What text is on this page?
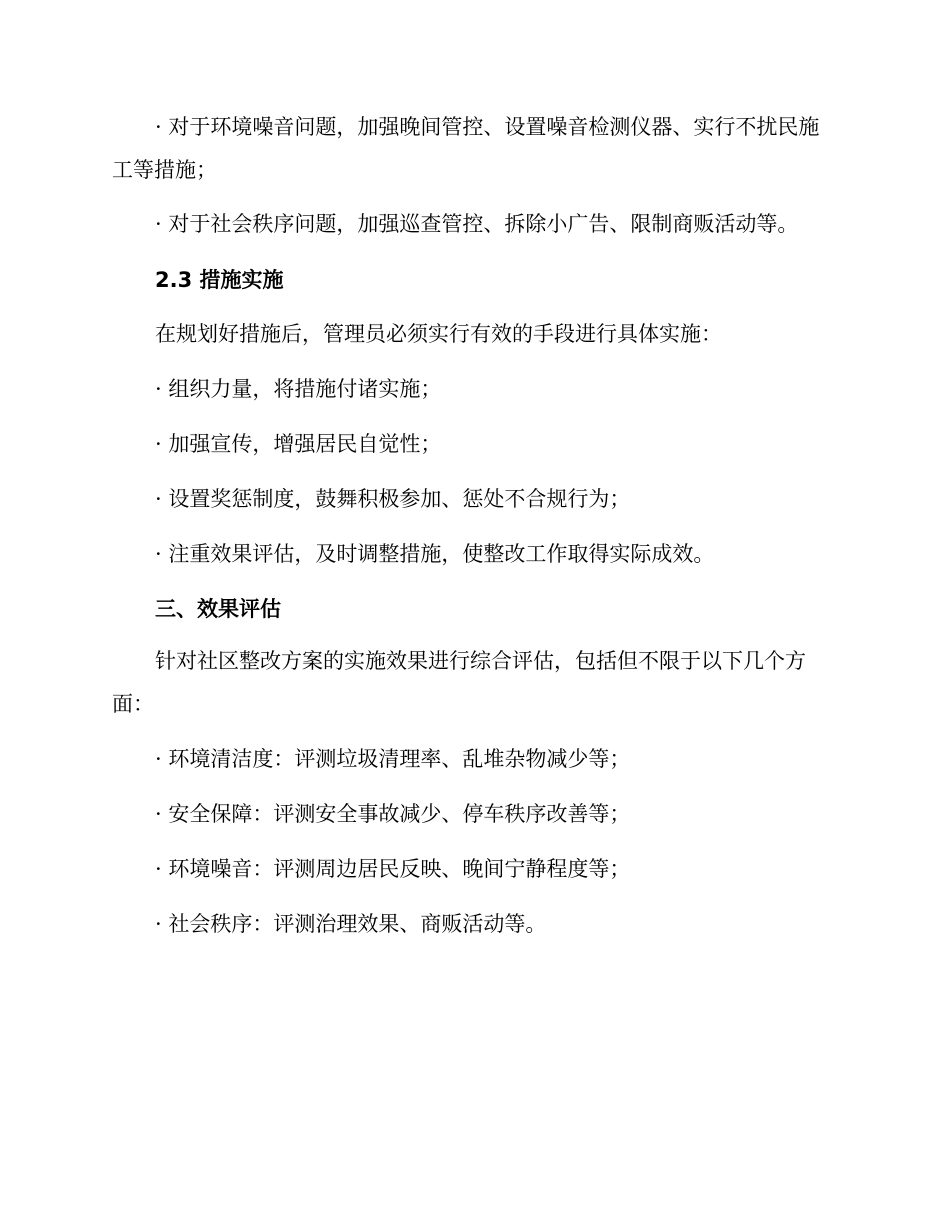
· 对于环境噪音问题，加强晚间管控、设置噪音检测仪器、实行不扰民施工等措施；
· 对于社会秩序问题，加强巡查管控、拆除小广告、限制商贩活动等。
2.3 措施实施
在规划好措施后，管理员必须实行有效的手段进行具体实施：
· 组织力量，将措施付诸实施；
· 加强宣传，增强居民自觉性；
· 设置奖惩制度，鼓舞积极参加、惩处不合规行为；
· 注重效果评估，及时调整措施，使整改工作取得实际成效。
三、效果评估
针对社区整改方案的实施效果进行综合评估，包括但不限于以下几个方面：
· 环境清洁度：评测垃圾清理率、乱堆杂物减少等；
· 安全保障：评测安全事故减少、停车秩序改善等；
· 环境噪音：评测周边居民反映、晚间宁静程度等；
· 社会秩序：评测治理效果、商贩活动等。
